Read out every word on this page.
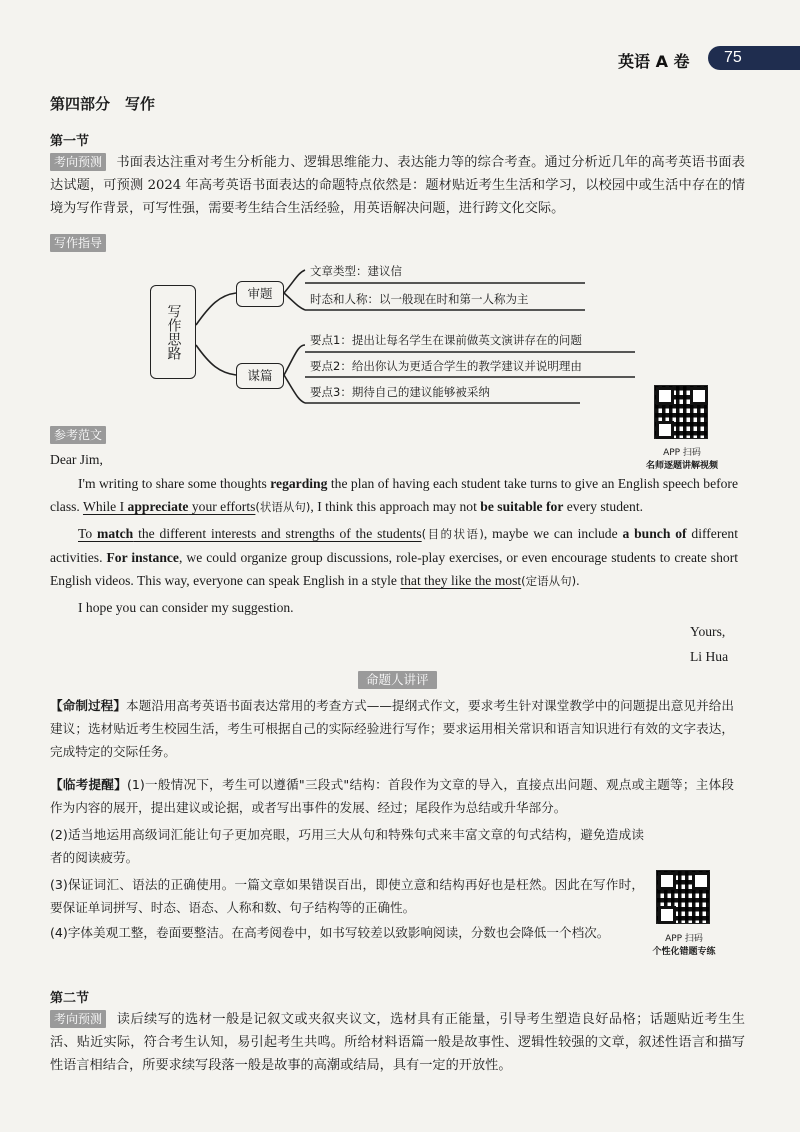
英语 A 卷 75
第四部分　写作
第一节
考向预测 书面表达注重对考生分析能力、逻辑思维能力、表达能力等的综合考查。通过分析近几年的高考英语书面表达试题，可预测 2024 年高考英语书面表达的命题特点依然是：题材贴近考生生活和学习，以校园中或生活中存在的情境为写作背景，可写性强，需要考生结合生活经验，用英语解决问题，进行跨文化交际。
写作指导
写作思路
审题
谋篇
文章类型：建议信
时态和人称：以一般现在时和第一人称为主
要点1：提出让每名学生在课前做英文演讲存在的问题
要点2：给出你认为更适合学生的教学建议并说明理由
要点3：期待自己的建议能够被采纳
APP 扫码
名师逐题讲解视频
参考范文
Dear Jim,
I'm writing to share some thoughts regarding the plan of having each student take turns to give an English speech before class. While I appreciate your efforts(状语从句), I think this approach may not be suitable for every student.
To match the different interests and strengths of the students(目的状语), maybe we can include a bunch of different activities. For instance, we could organize group discussions, role-play exercises, or even encourage students to create short English videos. This way, everyone can speak English in a style that they like the most(定语从句).
I hope you can consider my suggestion.
Yours,
Li Hua
命题人讲评
【命制过程】本题沿用高考英语书面表达常用的考查方式——提纲式作文，要求考生针对课堂教学中的问题提出意见并给出建议；选材贴近考生校园生活，考生可根据自己的实际经验进行写作；要求运用相关常识和语言知识进行有效的文字表达，完成特定的交际任务。
【临考提醒】(1)一般情况下，考生可以遵循"三段式"结构：首段作为文章的导入，直接点出问题、观点或主题等；主体段作为内容的展开，提出建议或论据，或者写出事件的发展、经过；尾段作为总结或升华部分。
(2)适当地运用高级词汇能让句子更加亮眼，巧用三大从句和特殊句式来丰富文章的句式结构，避免造成读者的阅读疲劳。
(3)保证词汇、语法的正确使用。一篇文章如果错误百出，即使立意和结构再好也是枉然。因此在写作时，要保证单词拼写、时态、语态、人称和数、句子结构等的正确性。
(4)字体美观工整，卷面要整洁。在高考阅卷中，如书写较差以致影响阅读，分数也会降低一个档次。	APP 扫码
个性化错题专练
第二节
考向预测 读后续写的选材一般是记叙文或夹叙夹议文，选材具有正能量，引导考生塑造良好品格；话题贴近考生生活、贴近实际，符合考生认知，易引起考生共鸣。所给材料语篇一般是故事性、逻辑性较强的文章，叙述性语言和描写性语言相结合，所要求续写段落一般是故事的高潮或结局，具有一定的开放性。
